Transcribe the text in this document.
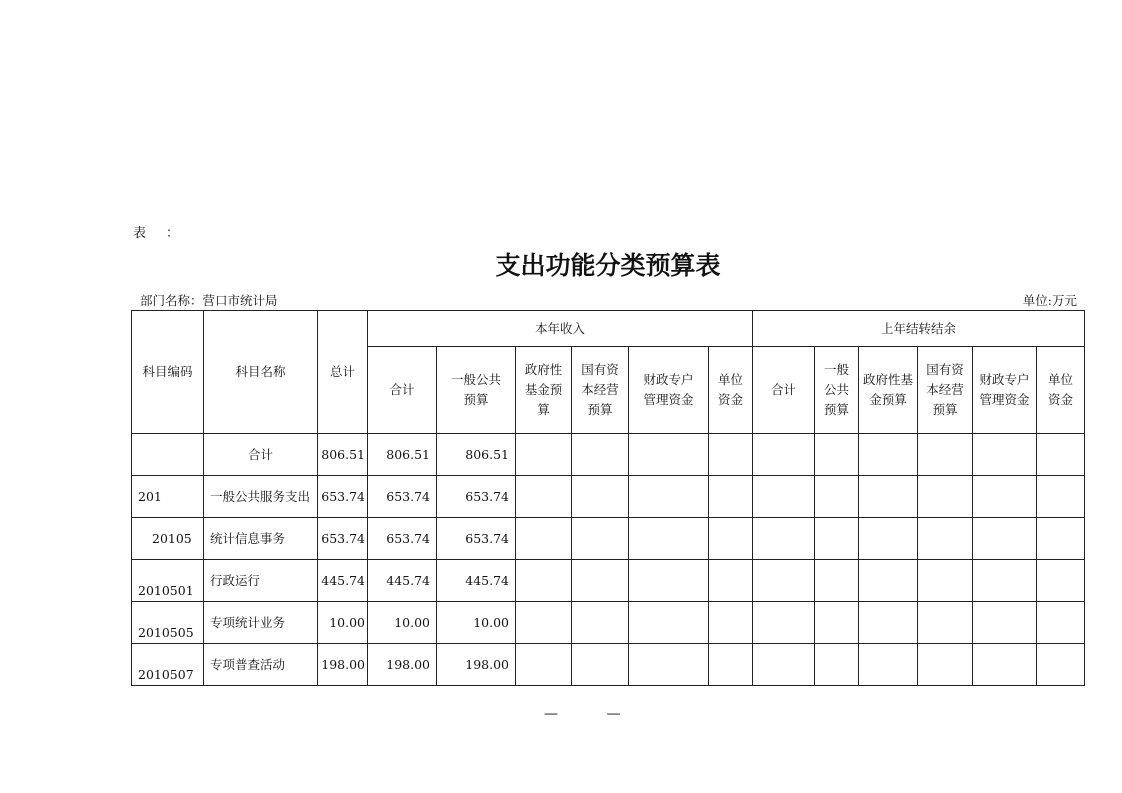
表 ：
支出功能分类预算表
部门名称：营口市统计局	单位:万元
科目编码	科目名称	总计	本年收入						上年结转结余					
			合计	一般公共预算	政府性基金预算	国有资本经营预算	财政专户管理资金	单位资金	合计	一般公共预算	政府性基金预算	国有资本经营预算	财政专户管理资金	单位资金
	合计	806.51	806.51	806.51										
201	一般公共服务支出	653.74	653.74	653.74										
20105	统计信息事务	653.74	653.74	653.74										
2010501	行政运行	445.74	445.74	445.74										
2010505	专项统计业务	10.00	10.00	10.00										
2010507	专项普查活动	198.00	198.00	198.00										
— —
